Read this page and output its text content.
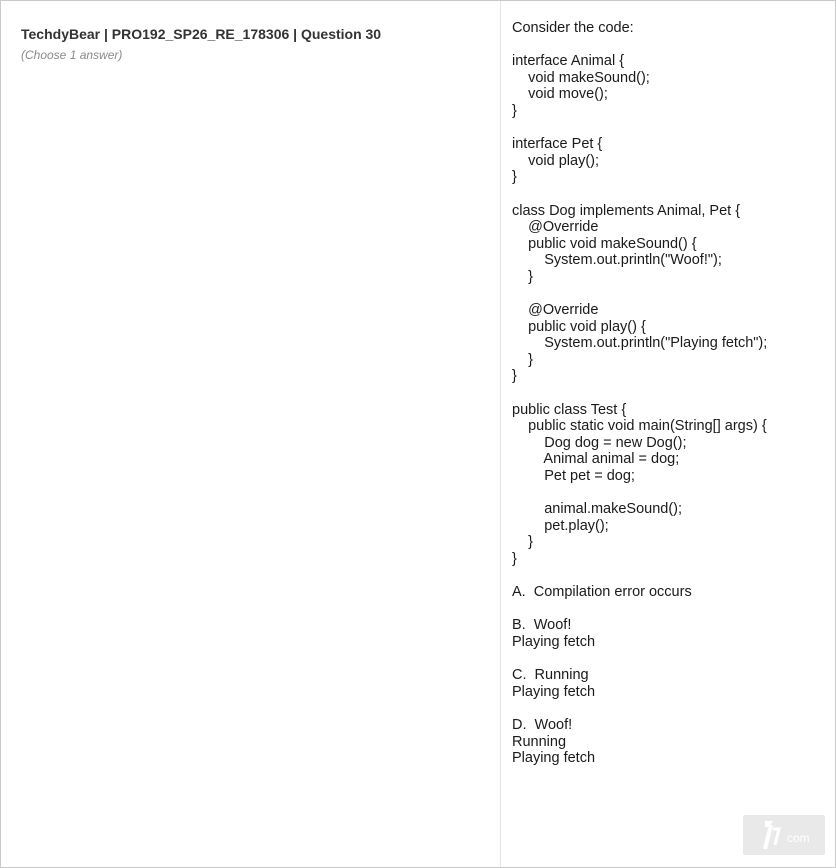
TechdyBear | PRO192_SP26_RE_178306 | Question 30
(Choose 1 answer)
Consider the code:
interface Animal {
void makeSound();
void move();
}
interface Pet {
void play();
}
class Dog implements Animal, Pet {
@Override
public void makeSound() {
System.out.println("Woof!");
}
@Override
public void play() {
System.out.println("Playing fetch");
}
}
public class Test {
public static void main(String[] args) {
Dog dog = new Dog();
Animal animal = dog;
Pet pet = dog;
animal.makeSound();
pet.play();
}
}
A.  Compilation error occurs
B.  Woof!
Playing fetch
C.  Running
Playing fetch
D.  Woof!
Running
Playing fetch
com
